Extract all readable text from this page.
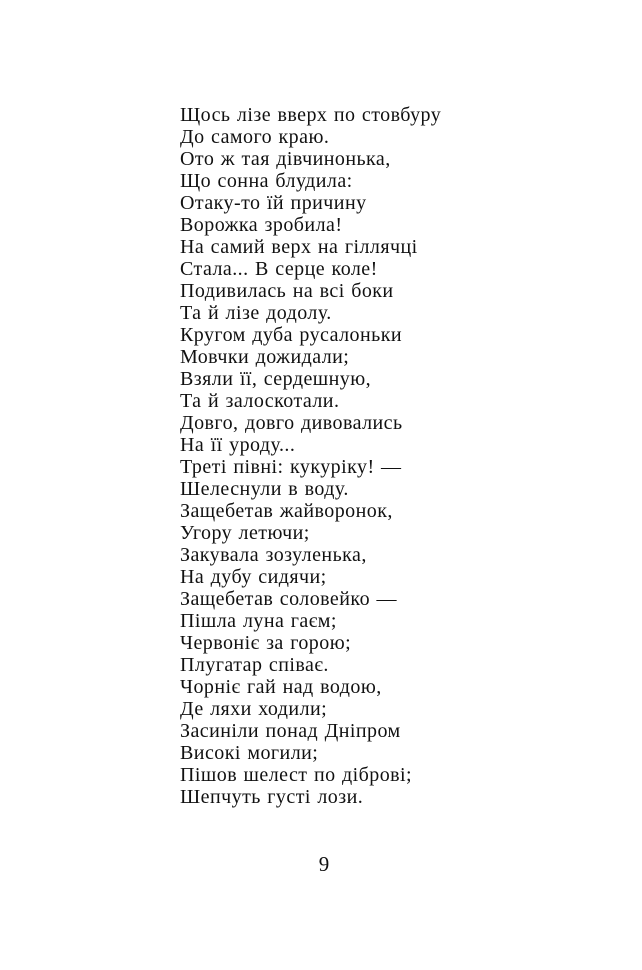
Щось лізе вверх по стовбуру
До самого краю.
Ото ж тая дівчинонька,
Що сонна блудила:
Отаку-то їй причину
Ворожка зробила!
На самий верх на гіллячці
Стала... В серце коле!
Подивилась на всі боки
Та й лізе додолу.
Кругом дуба русалоньки
Мовчки дожидали;
Взяли її, сердешную,
Та й залоскотали.
Довго, довго дивовались
На її уроду...
Треті півні: кукуріку! —
Шелеснули в воду.
Защебетав жайворонок,
Угору летючи;
Закувала зозуленька,
На дубу сидячи;
Защебетав соловейко —
Пішла луна гаєм;
Червоніє за горою;
Плугатар співає.
Чорніє гай над водою,
Де ляхи ходили;
Засиніли понад Дніпром
Високі могили;
Пішов шелест по діброві;
Шепчуть густі лози.
9
